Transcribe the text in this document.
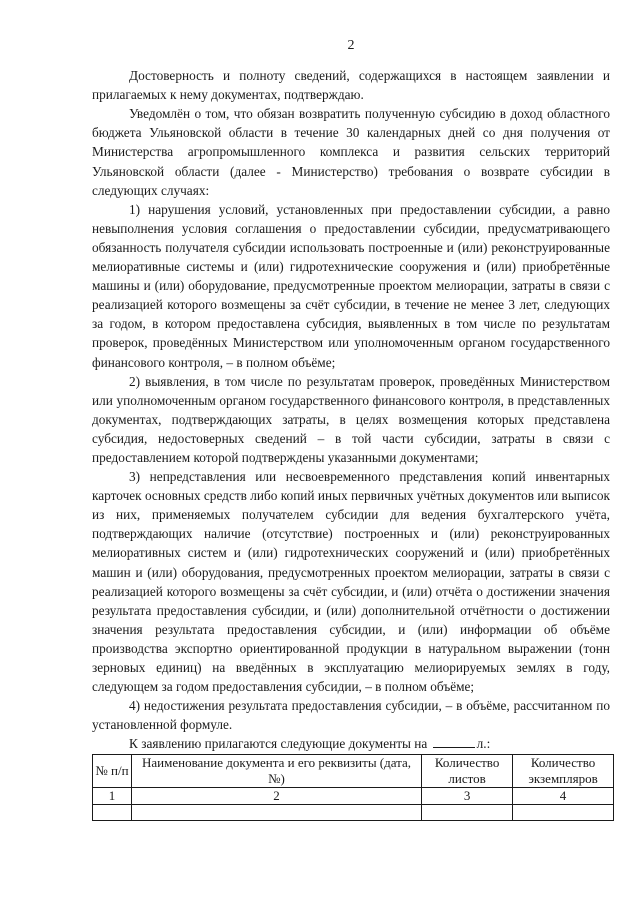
2

Достоверность и полноту сведений, содержащихся в настоящем заявлении и прилагаемых к нему документах, подтверждаю.

Уведомлён о том, что обязан возвратить полученную субсидию в доход областного бюджета Ульяновской области в течение 30 календарных дней со дня получения от Министерства агропромышленного комплекса и развития сельских территорий Ульяновской области (далее - Министерство) требования о возврате субсидии в следующих случаях:

1) нарушения условий, установленных при предоставлении субсидии, а равно невыполнения условия соглашения о предоставлении субсидии, предусматривающего обязанность получателя субсидии использовать построенные и (или) реконструированные мелиоративные системы и (или) гидротехнические сооружения и (или) приобретённые машины и (или) оборудование, предусмотренные проектом мелиорации, затраты в связи с реализацией которого возмещены за счёт субсидии, в течение не менее 3 лет, следующих за годом, в котором предоставлена субсидия, выявленных в том числе по результатам проверок, проведённых Министерством или уполномоченным органом государственного финансового контроля, – в полном объёме;

2) выявления, в том числе по результатам проверок, проведённых Министерством или уполномоченным органом государственного финансового контроля, в представленных документах, подтверждающих затраты, в целях возмещения которых представлена субсидия, недостоверных сведений – в той части субсидии, затраты в связи с предоставлением которой подтверждены указанными документами;

3) непредставления или несвоевременного представления копий инвентарных карточек основных средств либо копий иных первичных учётных документов или выписок из них, применяемых получателем субсидии для ведения бухгалтерского учёта, подтверждающих наличие (отсутствие) построенных и (или) реконструированных мелиоративных систем и (или) гидротехнических сооружений и (или) приобретённых машин и (или) оборудования, предусмотренных проектом мелиорации, затраты в связи с реализацией которого возмещены за счёт субсидии, и (или) отчёта о достижении значения результата предоставления субсидии, и (или) дополнительной отчётности о достижении значения результата предоставления субсидии, и (или) информации об объёме производства экспортно ориентированной продукции в натуральном выражении (тонн зерновых единиц) на введённых в эксплуатацию мелиорируемых землях в году, следующем за годом предоставления субсидии, – в полном объёме;

4) недостижения результата предоставления субсидии, – в объёме, рассчитанном по установленной формуле.

К заявлению прилагаются следующие документы на	л.:
№ п/п	Наименование документа и его реквизиты (дата, №)	Количество листов	Количество экземпляров
1	2	3	4
